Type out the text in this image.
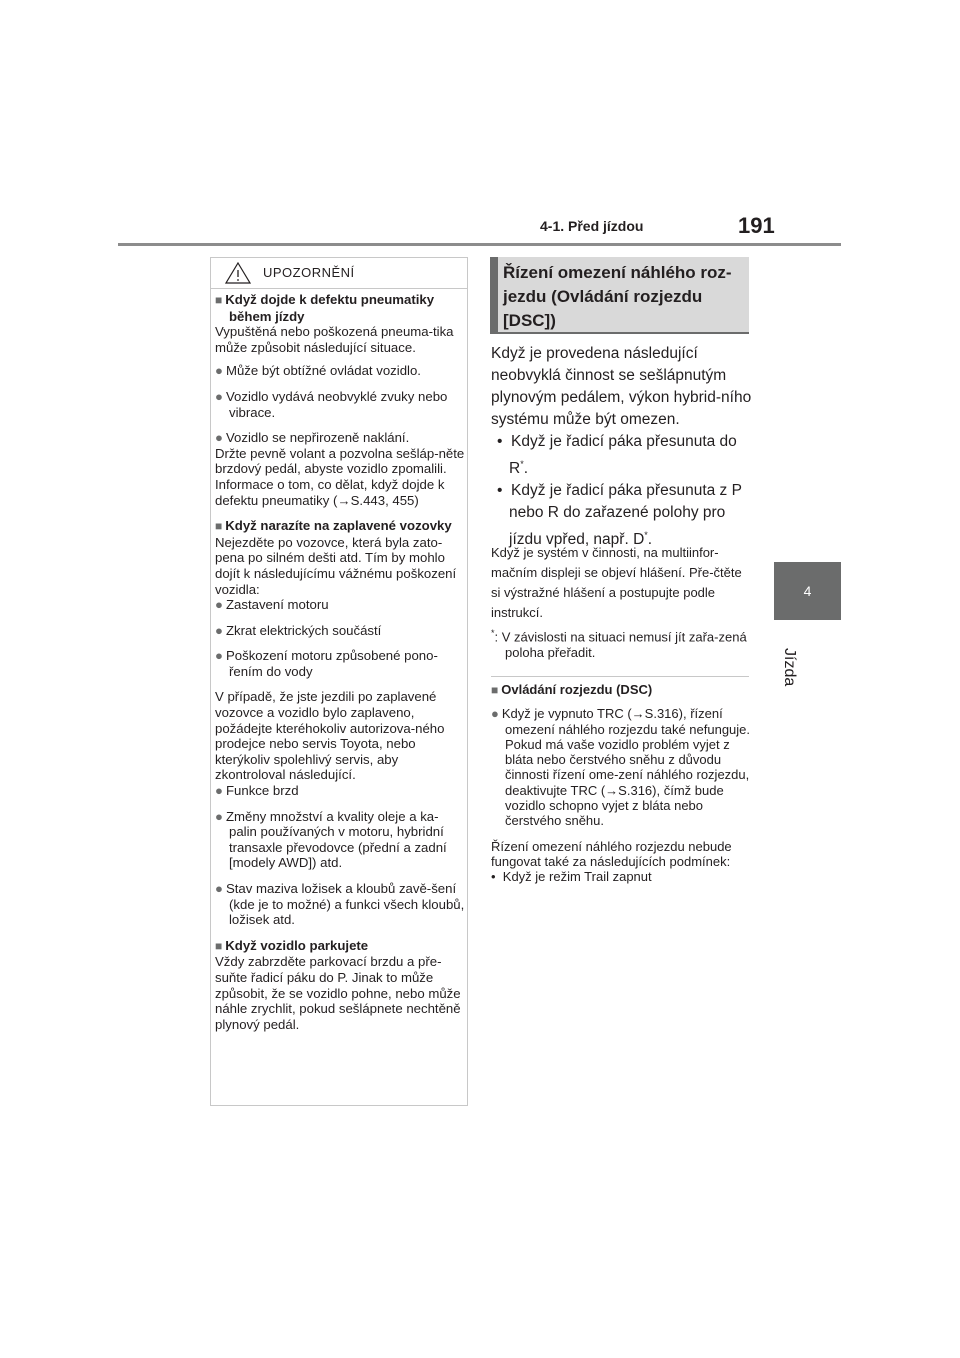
4-1. Před jízdou	191
4
Jízda
UPOZORNĚNÍ

■ Když dojde k defektu pneumatiky během jízdy

Vypuštěná nebo poškozená pneuma-tika může způsobit následující situace.

● Může být obtížné ovládat vozidlo.

● Vozidlo vydává neobvyklé zvuky nebo vibrace.

● Vozidlo se nepřirozeně naklání.

Držte pevně volant a pozvolna sešláp-něte brzdový pedál, abyste vozidlo zpomalili.

Informace o tom, co dělat, když dojde k defektu pneumatiky (→S.443, 455)

■ Když narazíte na zaplavené vozovky

Nejezděte po vozovce, která byla zato-pena po silném dešti atd. Tím by mohlo dojít k následujícímu vážnému poškození vozidla:

● Zastavení motoru

● Zkrat elektrických součástí

● Poškození motoru způsobené pono-řením do vody

V případě, že jste jezdili po zaplavené vozovce a vozidlo bylo zaplaveno, požádejte kteréhokoliv autorizova-ného prodejce nebo servis Toyota, nebo kterýkoliv spolehlivý servis, aby zkontroloval následující.

● Funkce brzd

● Změny množství a kvality oleje a ka-palin používaných v motoru, hybridní transaxle převodovce (přední a zadní [modely AWD]) atd.

● Stav maziva ložisek a kloubů zavě-šení (kde je to možné) a funkci všech kloubů, ložisek atd.

■ Když vozidlo parkujete

Vždy zabrzděte parkovací brzdu a pře-suňte řadicí páku do P. Jinak to může způsobit, že se vozidlo pohne, nebo může náhle zrychlit, pokud sešlápnete nechtěně plynový pedál.

Řízení omezení náhlého roz-jezdu (Ovládání rozjezdu [DSC])

Když je provedena následující neobvyklá činnost se sešlápnutým plynovým pedálem, výkon hybrid-ního systému může být omezen.

•  Když je řadicí páka přesunuta do R*.

•  Když je řadicí páka přesunuta z P nebo R do zařazené polohy pro jízdu vpřed, např. D*.

Když je systém v činnosti, na multiinfor-mačním displeji se objeví hlášení. Pře-čtěte si výstražné hlášení a postupujte podle instrukcí.

*: V závislosti na situaci nemusí jít zařa-zená poloha přeřadit.

■ Ovládání rozjezdu (DSC)

● Když je vypnuto TRC (→S.316), řízení omezení náhlého rozjezdu také nefunguje. Pokud má vaše vozidlo problém vyjet z bláta nebo čerstvého sněhu z důvodu činnosti řízení ome-zení náhlého rozjezdu, deaktivujte TRC (→S.316), čímž bude vozidlo schopno vyjet z bláta nebo čerstvého sněhu.

Řízení omezení náhlého rozjezdu nebude fungovat také za následujících podmínek:

•  Když je režim Trail zapnut
